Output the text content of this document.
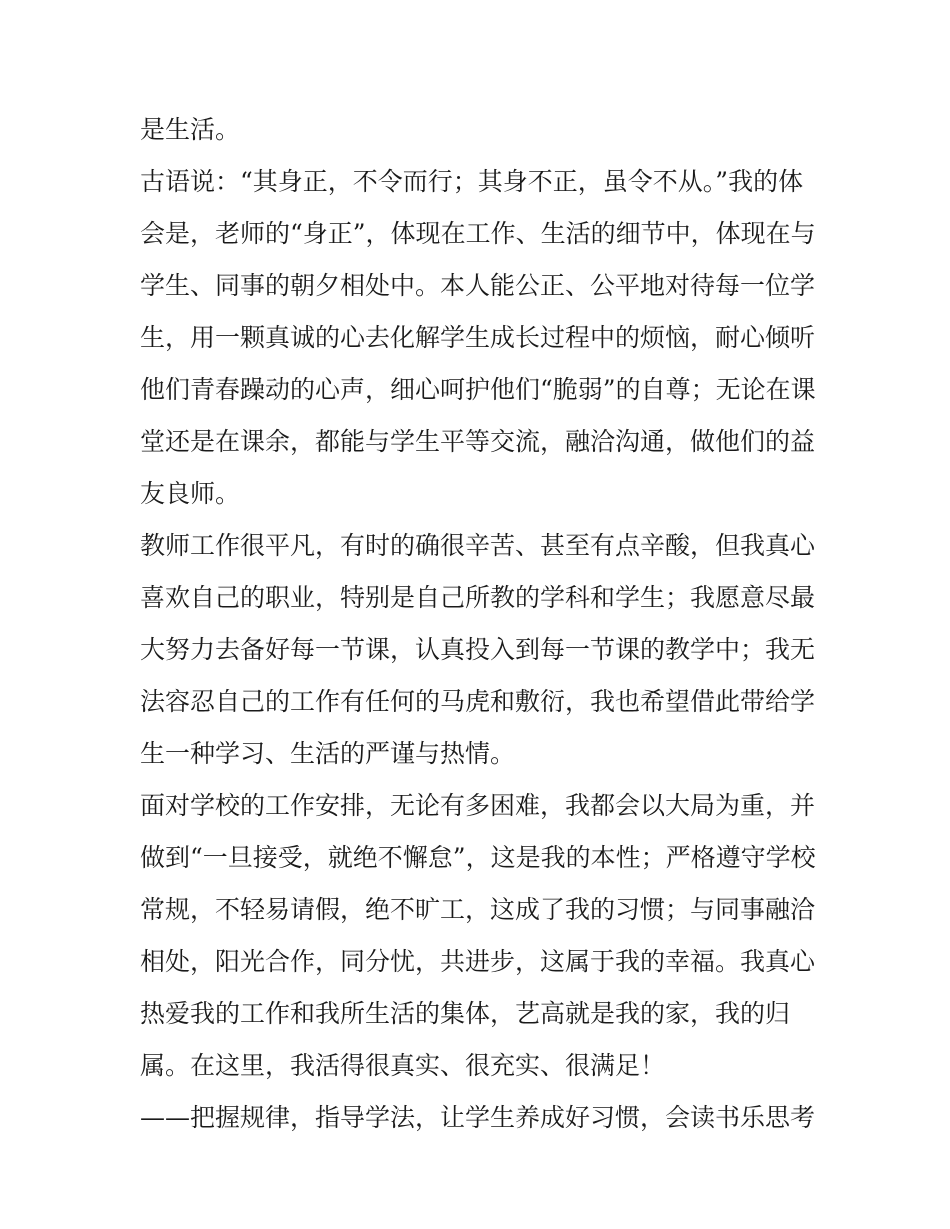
是生活。
古语说：“其身正，不令而行；其身不正，虽令不从。”我的体
会是，老师的“身正”，体现在工作、生活的细节中，体现在与
学生、同事的朝夕相处中。本人能公正、公平地对待每一位学
生，用一颗真诚的心去化解学生成长过程中的烦恼，耐心倾听
他们青春躁动的心声，细心呵护他们“脆弱”的自尊；无论在课
堂还是在课余，都能与学生平等交流，融洽沟通，做他们的益
友良师。
教师工作很平凡，有时的确很辛苦、甚至有点辛酸，但我真心
喜欢自己的职业，特别是自己所教的学科和学生；我愿意尽最
大努力去备好每一节课，认真投入到每一节课的教学中；我无
法容忍自己的工作有任何的马虎和敷衍，我也希望借此带给学
生一种学习、生活的严谨与热情。
面对学校的工作安排，无论有多困难，我都会以大局为重，并
做到“一旦接受，就绝不懈怠”，这是我的本性；严格遵守学校
常规，不轻易请假，绝不旷工，这成了我的习惯；与同事融洽
相处，阳光合作，同分忧，共进步，这属于我的幸福。我真心
热爱我的工作和我所生活的集体，艺高就是我的家，我的归
属。在这里，我活得很真实、很充实、很满足！
——把握规律，指导学法，让学生养成好习惯，会读书乐思考
